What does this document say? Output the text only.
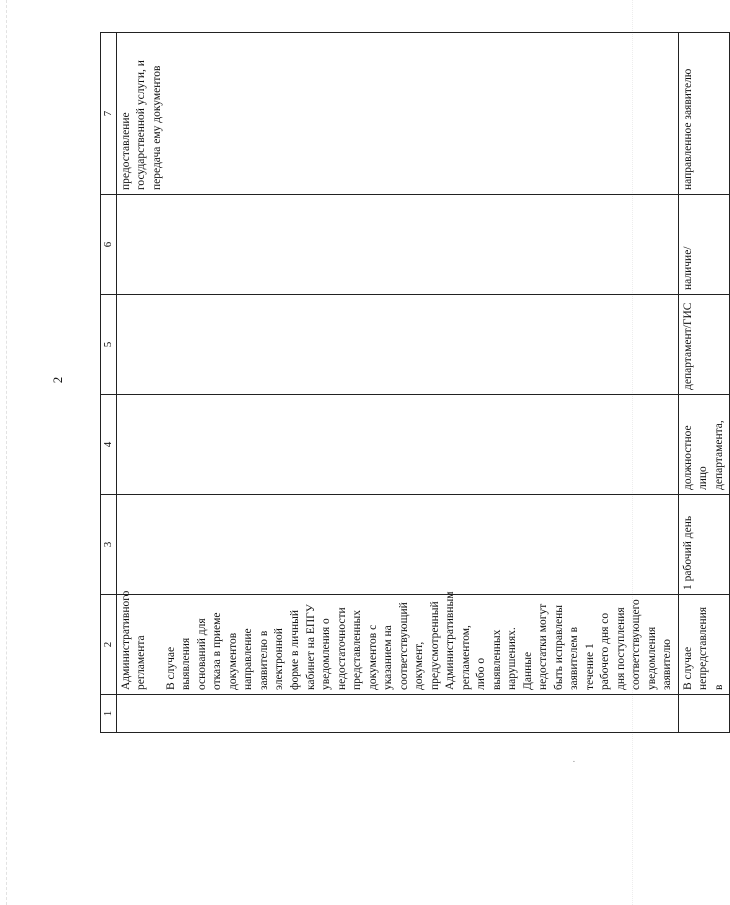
2
1	2	3	4	5	6	7
	Административного регламента В случае выявления оснований для отказа в приеме документов направление заявителю в электронной форме в личный кабинет на ЕПГУ уведомления о недостаточности представленных документов с указанием на соответствующий документ, предусмотренный Административным регламентом, либо о выявленных нарушениях. Данные недостатки могут быть исправлены заявителем в течение 1 рабочего дня со дня поступления соответствующего уведомления заявителю					предоставление государственной услуги, и передача ему документов
	В случае непредставления в	1 рабочий день	должностное лицо департамента,	департамент/ГИС	наличие/	направленное заявителю
.
